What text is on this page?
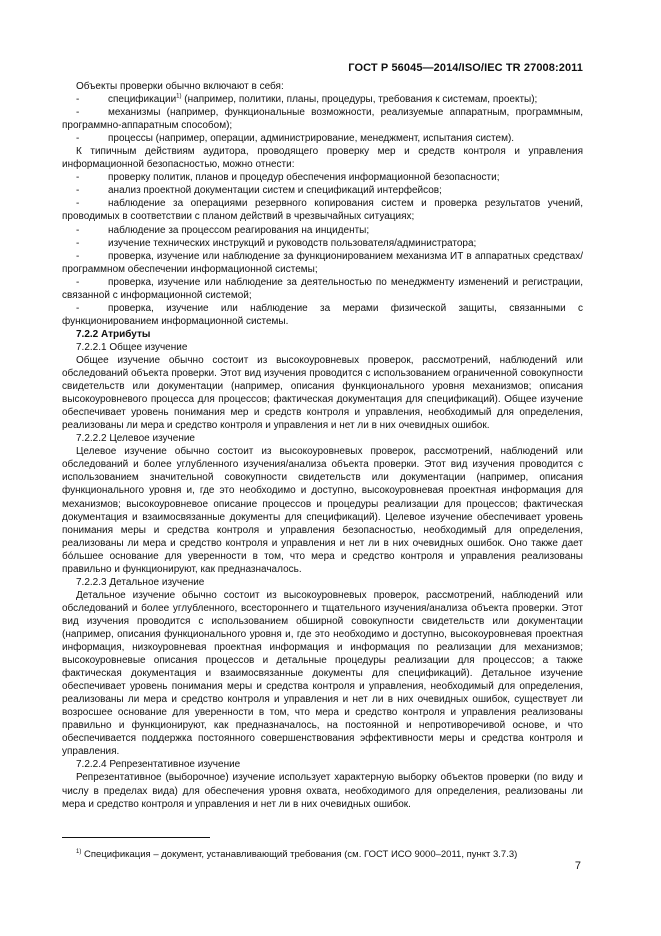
ГОСТ Р 56045—2014/ISO/IEC TR 27008:2011

Объекты проверки обычно включают в себя:

-	спецификации$^{1)}$ (например, политики, планы, процедуры, требования к системам, проекты);

-	механизмы (например, функциональные возможности, реализуемые аппаратным, программным, программно-аппаратным способом);

-	процессы (например, операции, администрирование, менеджмент, испытания систем).

К типичным действиям аудитора, проводящего проверку мер и средств контроля и управления информационной безопасностью, можно отнести:

-	проверку политик, планов и процедур обеспечения информационной безопасности;

-	анализ проектной документации систем и спецификаций интерфейсов;

-	наблюдение за операциями резервного копирования систем и проверка результатов учений, проводимых в соответствии с планом действий в чрезвычайных ситуациях;

-	наблюдение за процессом реагирования на инциденты;

-	изучение технических инструкций и руководств пользователя/администратора;

-	проверка, изучение или наблюдение за функционированием механизма ИТ в аппаратных средствах/программном обеспечении информационной системы;

-	проверка, изучение или наблюдение за деятельностью по менеджменту изменений и регистрации, связанной с информационной системой;

-	проверка, изучение или наблюдение за мерами физической защиты, связанными с функционированием информационной системы.

7.2.2 Атрибуты

7.2.2.1 Общее изучение

Общее изучение обычно состоит из высокоуровневых проверок, рассмотрений, наблюдений или обследований объекта проверки. Этот вид изучения проводится с использованием ограниченной совокупности свидетельств или документации (например, описания функционального уровня механизмов; описания высокоуровневого процесса для процессов; фактическая документация для спецификаций). Общее изучение обеспечивает уровень понимания мер и средств контроля и управления, необходимый для определения, реализованы ли мера и средство контроля и управления и нет ли в них очевидных ошибок.

7.2.2.2 Целевое изучение

Целевое изучение обычно состоит из высокоуровневых проверок, рассмотрений, наблюдений или обследований и более углубленного изучения/анализа объекта проверки. Этот вид изучения проводится с использованием значительной совокупности свидетельств или документации (например, описания функционального уровня и, где это необходимо и доступно, высокоуровневая проектная информация для механизмов; высокоуровневое описание процессов и процедуры реализации для процессов; фактическая документация и взаимосвязанные документы для спецификаций). Целевое изучение обеспечивает уровень понимания меры и средства контроля и управления безопасностью, необходимый для определения, реализованы ли мера и средство контроля и управления и нет ли в них очевидных ошибок. Оно также дает бóльшее основание для уверенности в том, что мера и средство контроля и управления реализованы правильно и функционируют, как предназначалось.

7.2.2.3 Детальное изучение

Детальное изучение обычно состоит из высокоуровневых проверок, рассмотрений, наблюдений или обследований и более углубленного, всестороннего и тщательного изучения/анализа объекта проверки. Этот вид изучения проводится с использованием обширной совокупности свидетельств или документации (например, описания функционального уровня и, где это необходимо и доступно, высокоуровневая проектная информация, низкоуровневая проектная информация и информация по реализации для механизмов; высокоуровневые описания процессов и детальные процедуры реализации для процессов; а также фактическая документация и взаимосвязанные документы для спецификаций). Детальное изучение обеспечивает уровень понимания меры и средства контроля и управления, необходимый для определения, реализованы ли мера и средство контроля и управления и нет ли в них очевидных ошибок, существует ли возросшее основание для уверенности в том, что мера и средство контроля и управления реализованы правильно и функционируют, как предназначалось, на постоянной и непротиворечивой основе, и что обеспечивается поддержка постоянного совершенствования эффективности меры и средства контроля и управления.

7.2.2.4 Репрезентативное изучение

Репрезентативное (выборочное) изучение использует характерную выборку объектов проверки (по виду и числу в пределах вида) для обеспечения уровня охвата, необходимого для определения, реализованы ли мера и средство контроля и управления и нет ли в них очевидных ошибок.

$^{1)}$ Спецификация – документ, устанавливающий требования (см. ГОСТ ИСО 9000–2011, пункт 3.7.3)
7
